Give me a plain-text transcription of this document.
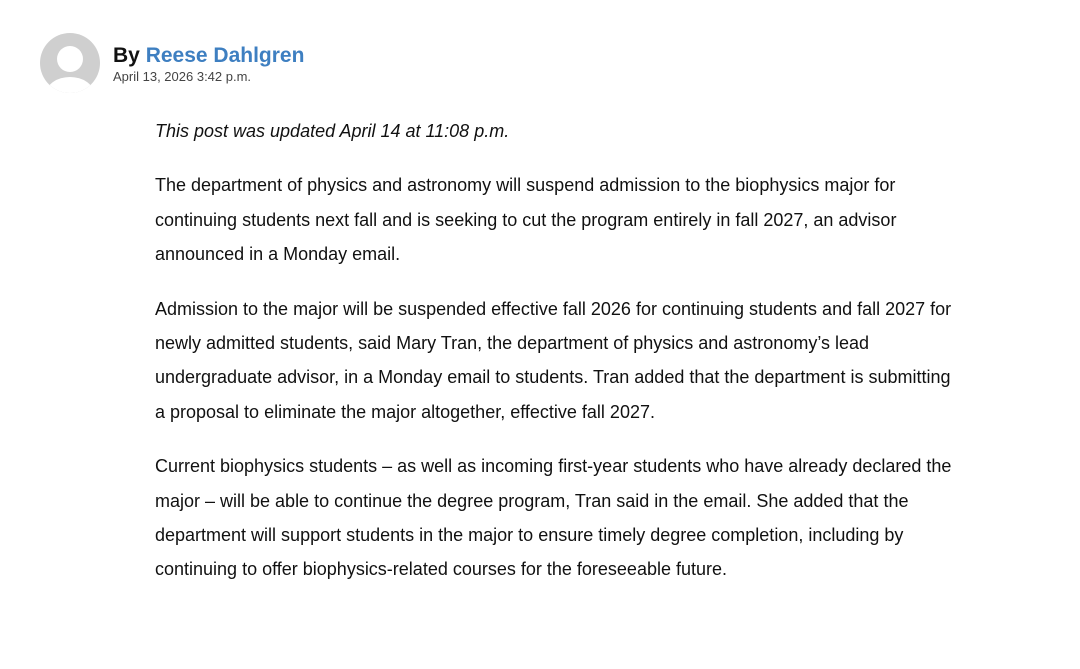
By Reese Dahlgren
April 13, 2026 3:42 p.m.

This post was updated April 14 at 11:08 p.m.

The department of physics and astronomy will suspend admission to the biophysics major for continuing students next fall and is seeking to cut the program entirely in fall 2027, an advisor announced in a Monday email.

Admission to the major will be suspended effective fall 2026 for continuing students and fall 2027 for newly admitted students, said Mary Tran, the department of physics and astronomy’s lead undergraduate advisor, in a Monday email to students. Tran added that the department is submitting a proposal to eliminate the major altogether, effective fall 2027.

Current biophysics students – as well as incoming first-year students who have already declared the major – will be able to continue the degree program, Tran said in the email. She added that the department will support students in the major to ensure timely degree completion, including by continuing to offer biophysics-related courses for the foreseeable future.
